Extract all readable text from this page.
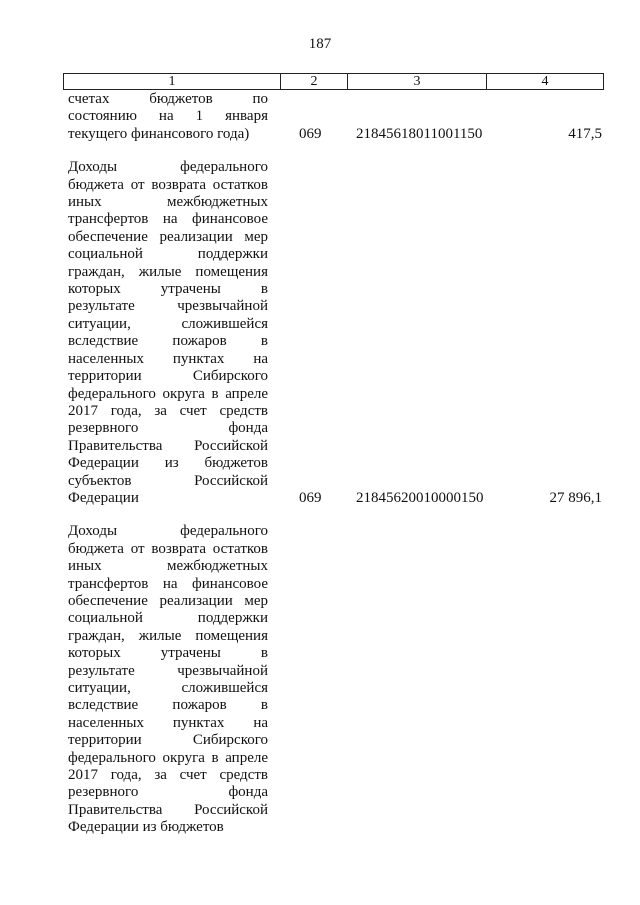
187
1	2	3	4
счетах бюджетов по
состоянию на 1 января
текущего финансового года)	069 21845618011001150	417,5
Доходы федерального
бюджета от возврата остатков
иных межбюджетных
трансфертов на финансовое
обеспечение реализации мер
социальной поддержки
граждан, жилые помещения
которых утрачены в
результате чрезвычайной
ситуации, сложившейся
вследствие пожаров в
населенных пунктах на
территории Сибирского
федерального округа в апреле
2017 года, за счет средств
резервного фонда
Правительства Российской
Федерации из бюджетов
субъектов Российской
Федерации	069 21845620010000150	27 896,1
Доходы федерального
бюджета от возврата остатков
иных межбюджетных
трансфертов на финансовое
обеспечение реализации мер
социальной поддержки
граждан, жилые помещения
которых утрачены в
результате чрезвычайной
ситуации, сложившейся
вследствие пожаров в
населенных пунктах на
территории Сибирского
федерального округа в апреле
2017 года, за счет средств
резервного фонда
Правительства Российской
Федерации из бюджетов
